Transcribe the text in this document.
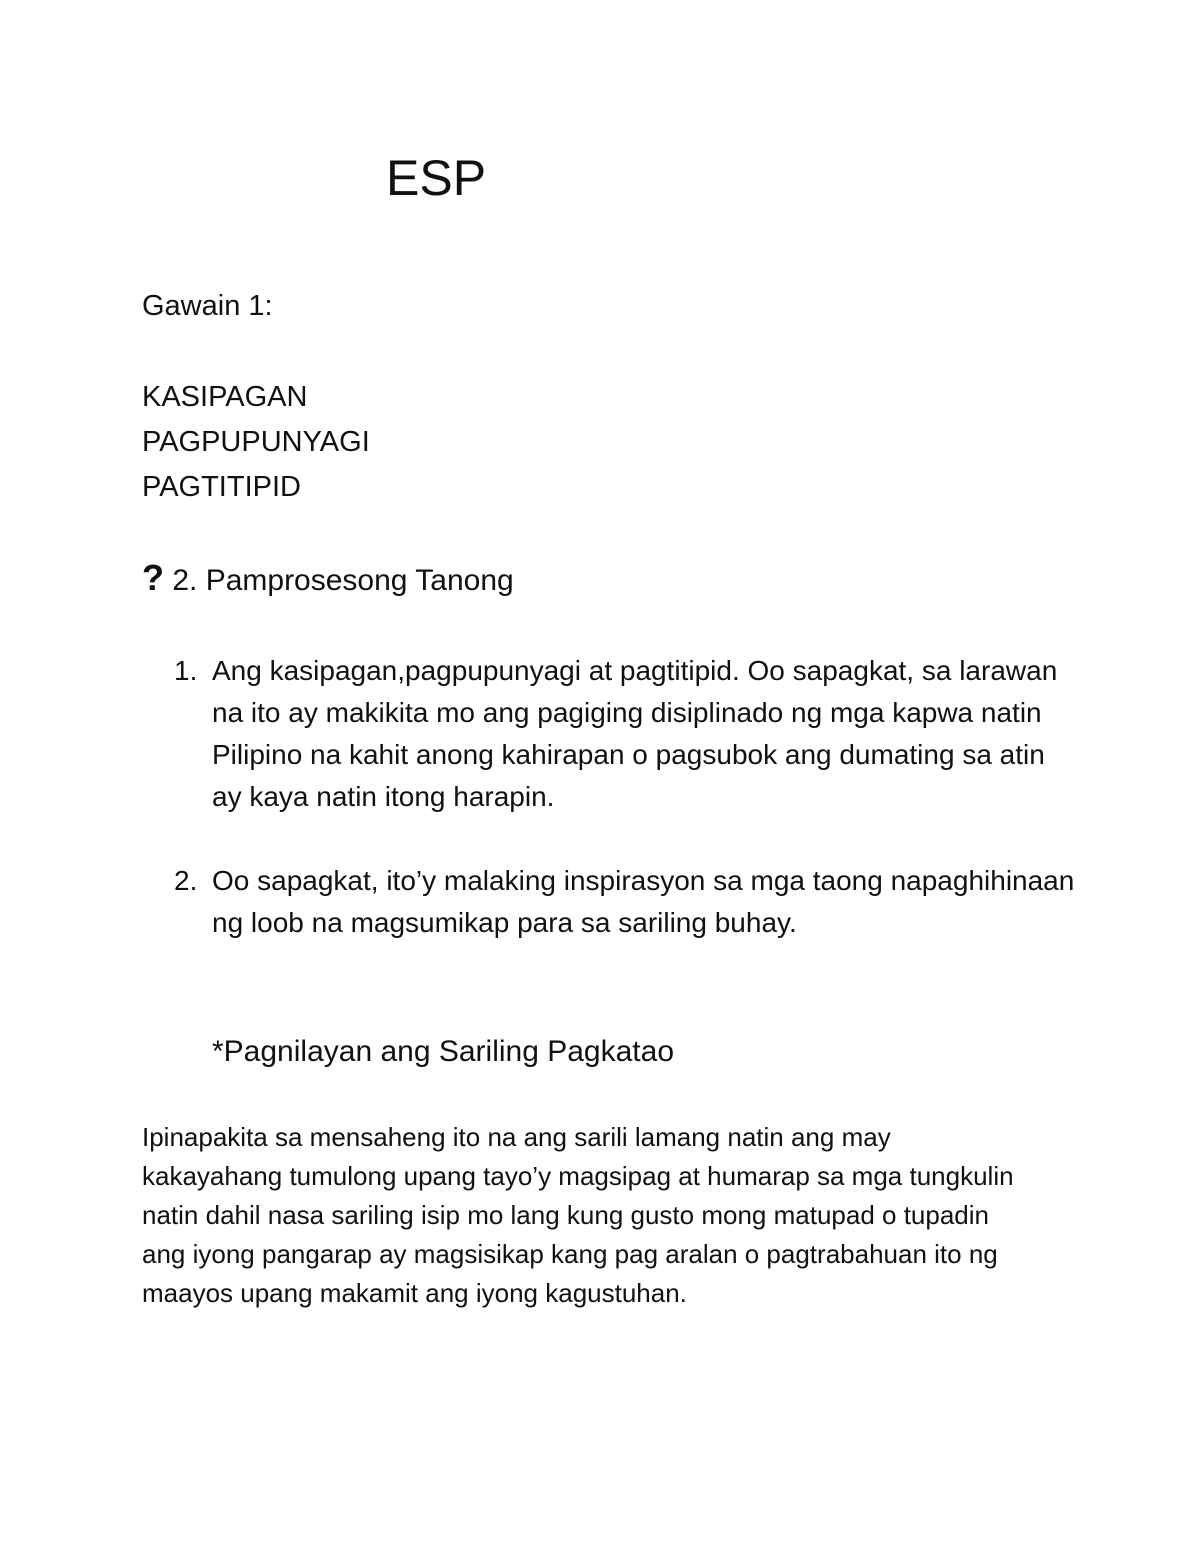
ESP

Gawain 1:

KASIPAGAN
PAGPUPUNYAGI
PAGTITIPID
? 2. Pamprosesong Tanong
1. Ang kasipagan,pagpupunyagi at pagtitipid. Oo sapagkat, sa larawan na ito ay makikita mo ang pagiging disiplinado ng mga kapwa natin Pilipino na kahit anong kahirapan o pagsubok ang dumating sa atin ay kaya natin itong harapin.
2. Oo sapagkat, ito’y malaking inspirasyon sa mga taong napaghihinaan ng loob na magsumikap para sa sariling buhay.
*Pagnilayan ang Sariling Pagkatao

Ipinapakita sa mensaheng ito na ang sarili lamang natin ang may kakayahang tumulong upang tayo’y magsipag at humarap sa mga tungkulin natin dahil nasa sariling isip mo lang kung gusto mong matupad o tupadin ang iyong pangarap ay magsisikap kang pag aralan o pagtrabahuan ito ng maayos upang makamit ang iyong kagustuhan.
